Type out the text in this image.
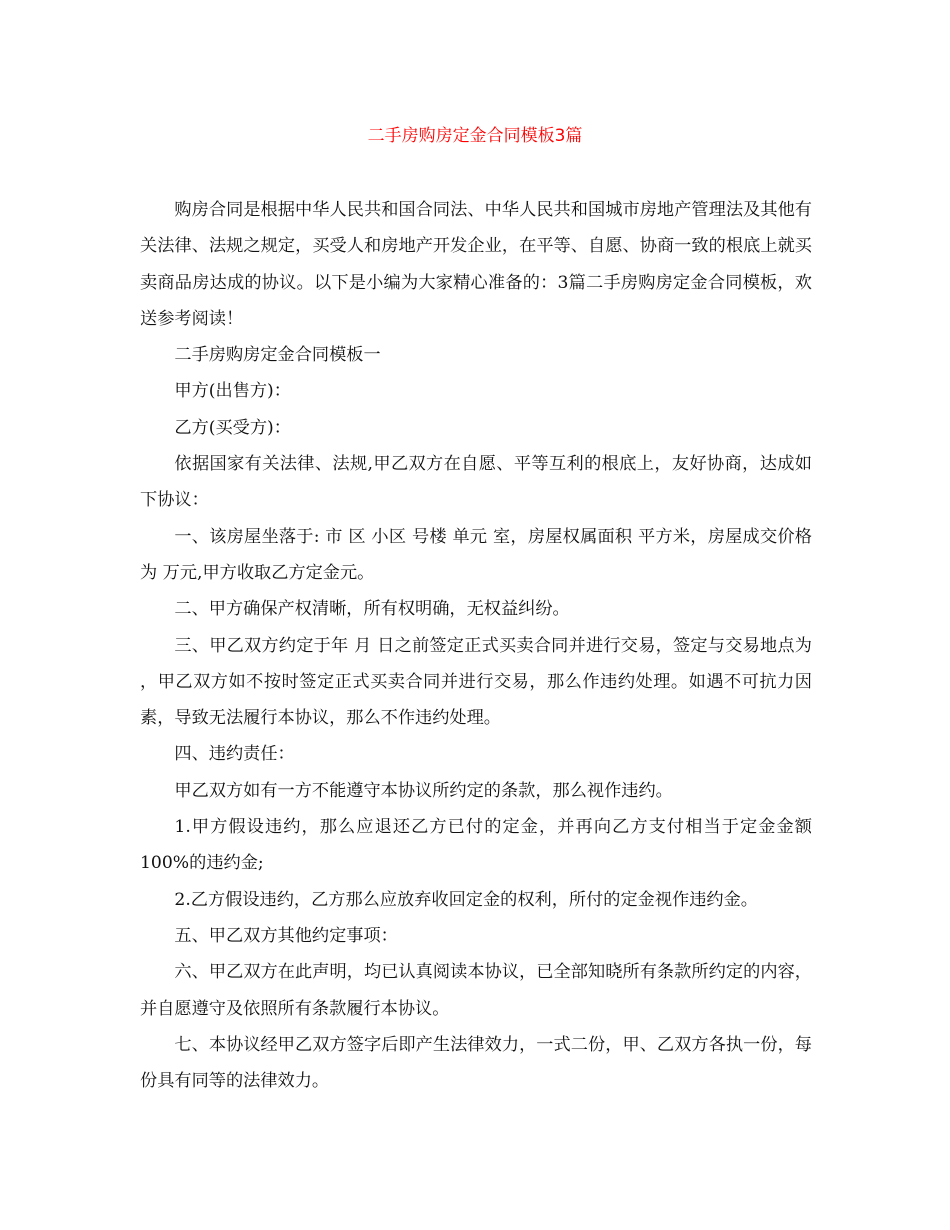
二手房购房定金合同模板3篇

购房合同是根据中华人民共和国合同法、中华人民共和国城市房地产管理法及其他有关法律、法规之规定，买受人和房地产开发企业，在平等、自愿、协商一致的根底上就买卖商品房达成的协议。以下是小编为大家精心准备的：3篇二手房购房定金合同模板，欢送参考阅读！

二手房购房定金合同模板一

甲方(出售方)：

乙方(买受方)：

依据国家有关法律、法规,甲乙双方在自愿、平等互利的根底上，友好协商，达成如下协议：

一、该房屋坐落于: 市 区 小区 号楼 单元 室，房屋权属面积 平方米，房屋成交价格为 万元,甲方收取乙方定金元。

二、甲方确保产权清晰，所有权明确，无权益纠纷。

三、甲乙双方约定于年 月 日之前签定正式买卖合同并进行交易，签定与交易地点为 ，甲乙双方如不按时签定正式买卖合同并进行交易，那么作违约处理。如遇不可抗力因素，导致无法履行本协议，那么不作违约处理。

四、违约责任：

甲乙双方如有一方不能遵守本协议所约定的条款，那么视作违约。

1.甲方假设违约，那么应退还乙方已付的定金，并再向乙方支付相当于定金金额100%的违约金;

2.乙方假设违约，乙方那么应放弃收回定金的权利，所付的定金视作违约金。

五、甲乙双方其他约定事项：

六、甲乙双方在此声明，均已认真阅读本协议，已全部知晓所有条款所约定的内容，并自愿遵守及依照所有条款履行本协议。

七、本协议经甲乙双方签字后即产生法律效力，一式二份，甲、乙双方各执一份，每份具有同等的法律效力。
